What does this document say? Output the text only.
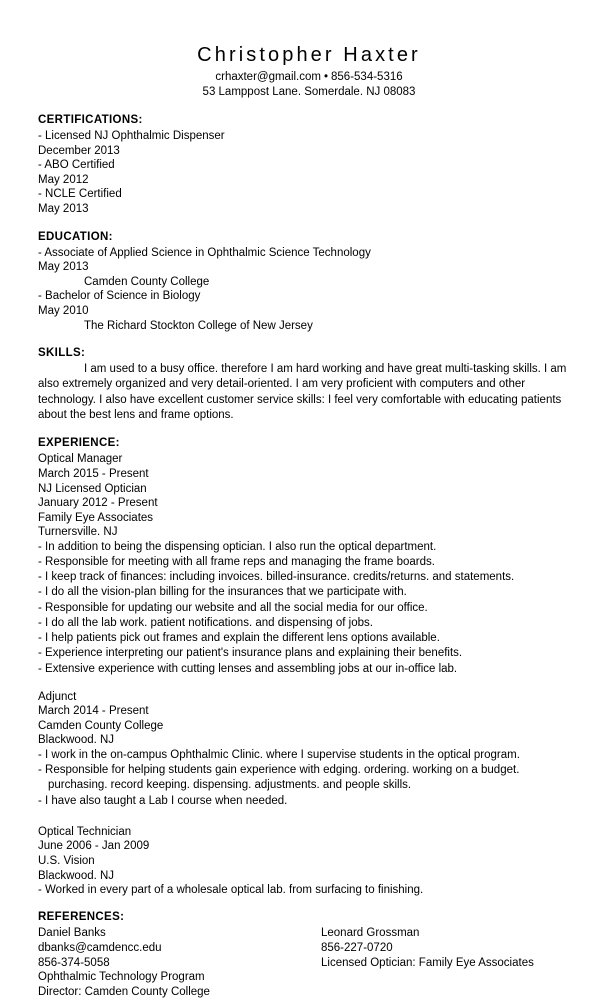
Christopher Haxter
crhaxter@gmail.com • 856-534-5316
53 Lamppost Lane. Somerdale. NJ 08083
CERTIFICATIONS:
- Licensed NJ Ophthalmic Dispenser
December 2013
- ABO Certified
May 2012
- NCLE Certified
May 2013
EDUCATION:
- Associate of Applied Science in Ophthalmic Science Technology
May 2013
Camden County College
- Bachelor of Science in Biology
May 2010
The Richard Stockton College of New Jersey
SKILLS:

I am used to a busy office. therefore I am hard working and have great multi-tasking skills. I am also extremely organized and very detail-oriented. I am very proficient with computers and other technology. I also have excellent customer service skills: I feel very comfortable with educating patients about the best lens and frame options.

EXPERIENCE:
Optical Manager
March 2015 - Present
NJ Licensed Optician
January 2012 - Present
Family Eye Associates
Turnersville. NJ
- In addition to being the dispensing optician. I also run the optical department.
- Responsible for meeting with all frame reps and managing the frame boards.
- I keep track of finances: including invoices. billed-insurance. credits/returns. and statements.
- I do all the vision-plan billing for the insurances that we participate with.
- Responsible for updating our website and all the social media for our office.
- I do all the lab work. patient notifications. and dispensing of jobs.
- I help patients pick out frames and explain the different lens options available.
- Experience interpreting our patient's insurance plans and explaining their benefits.
- Extensive experience with cutting lenses and assembling jobs at our in-office lab.
Adjunct
March 2014 - Present
Camden County College
Blackwood. NJ
- I work in the on-campus Ophthalmic Clinic. where I supervise students in the optical program.
- Responsible for helping students gain experience with edging. ordering. working on a budget.
purchasing. record keeping. dispensing. adjustments. and people skills.
- I have also taught a Lab I course when needed.
Optical Technician
June 2006 - Jan 2009
U.S. Vision
Blackwood. NJ
- Worked in every part of a wholesale optical lab. from surfacing to finishing.
REFERENCES:
Daniel Banks
dbanks@camdencc.edu
856-374-5058
Ophthalmic Technology Program
Director: Camden County College
Leonard Grossman
856-227-0720
Licensed Optician: Family Eye Associates
